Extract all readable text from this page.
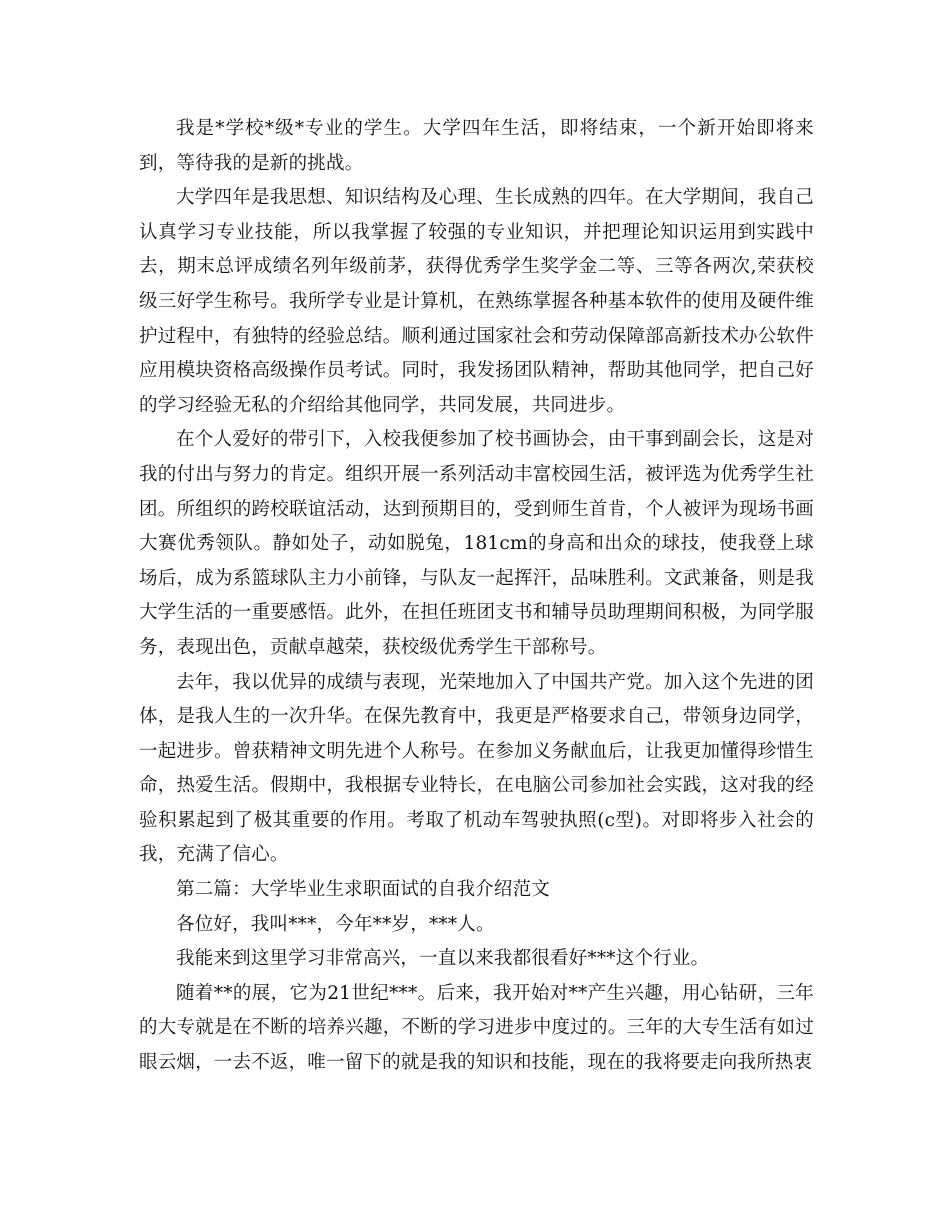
我是*学校*级*专业的学生。大学四年生活，即将结束，一个新开始即将来到，等待我的是新的挑战。

大学四年是我思想、知识结构及心理、生长成熟的四年。在大学期间，我自己认真学习专业技能，所以我掌握了较强的专业知识，并把理论知识运用到实践中去，期末总评成绩名列年级前茅，获得优秀学生奖学金二等、三等各两次,荣获校级三好学生称号。我所学专业是计算机，在熟练掌握各种基本软件的使用及硬件维护过程中，有独特的经验总结。顺利通过国家社会和劳动保障部高新技术办公软件应用模块资格高级操作员考试。同时，我发扬团队精神，帮助其他同学，把自己好的学习经验无私的介绍给其他同学，共同发展，共同进步。

在个人爱好的带引下，入校我便参加了校书画协会，由干事到副会长，这是对我的付出与努力的肯定。组织开展一系列活动丰富校园生活，被评选为优秀学生社团。所组织的跨校联谊活动，达到预期目的，受到师生首肯，个人被评为现场书画大赛优秀领队。静如处子，动如脱兔，181cm的身高和出众的球技，使我登上球场后，成为系篮球队主力小前锋，与队友一起挥汗，品味胜利。文武兼备，则是我大学生活的一重要感悟。此外，在担任班团支书和辅导员助理期间积极，为同学服务，表现出色，贡献卓越荣，获校级优秀学生干部称号。

去年，我以优异的成绩与表现，光荣地加入了中国共产党。加入这个先进的团体，是我人生的一次升华。在保先教育中，我更是严格要求自己，带领身边同学，一起进步。曾获精神文明先进个人称号。在参加义务献血后，让我更加懂得珍惜生命，热爱生活。假期中，我根据专业特长，在电脑公司参加社会实践，这对我的经验积累起到了极其重要的作用。考取了机动车驾驶执照(c型)。对即将步入社会的我，充满了信心。

第二篇：大学毕业生求职面试的自我介绍范文

各位好，我叫***，今年**岁，***人。

我能来到这里学习非常高兴，一直以来我都很看好***这个行业。

随着**的展，它为21世纪***。后来，我开始对**产生兴趣，用心钻研，三年的大专就是在不断的培养兴趣，不断的学习进步中度过的。三年的大专生活有如过眼云烟，一去不返，唯一留下的就是我的知识和技能，现在的我将要走向我所热衷
